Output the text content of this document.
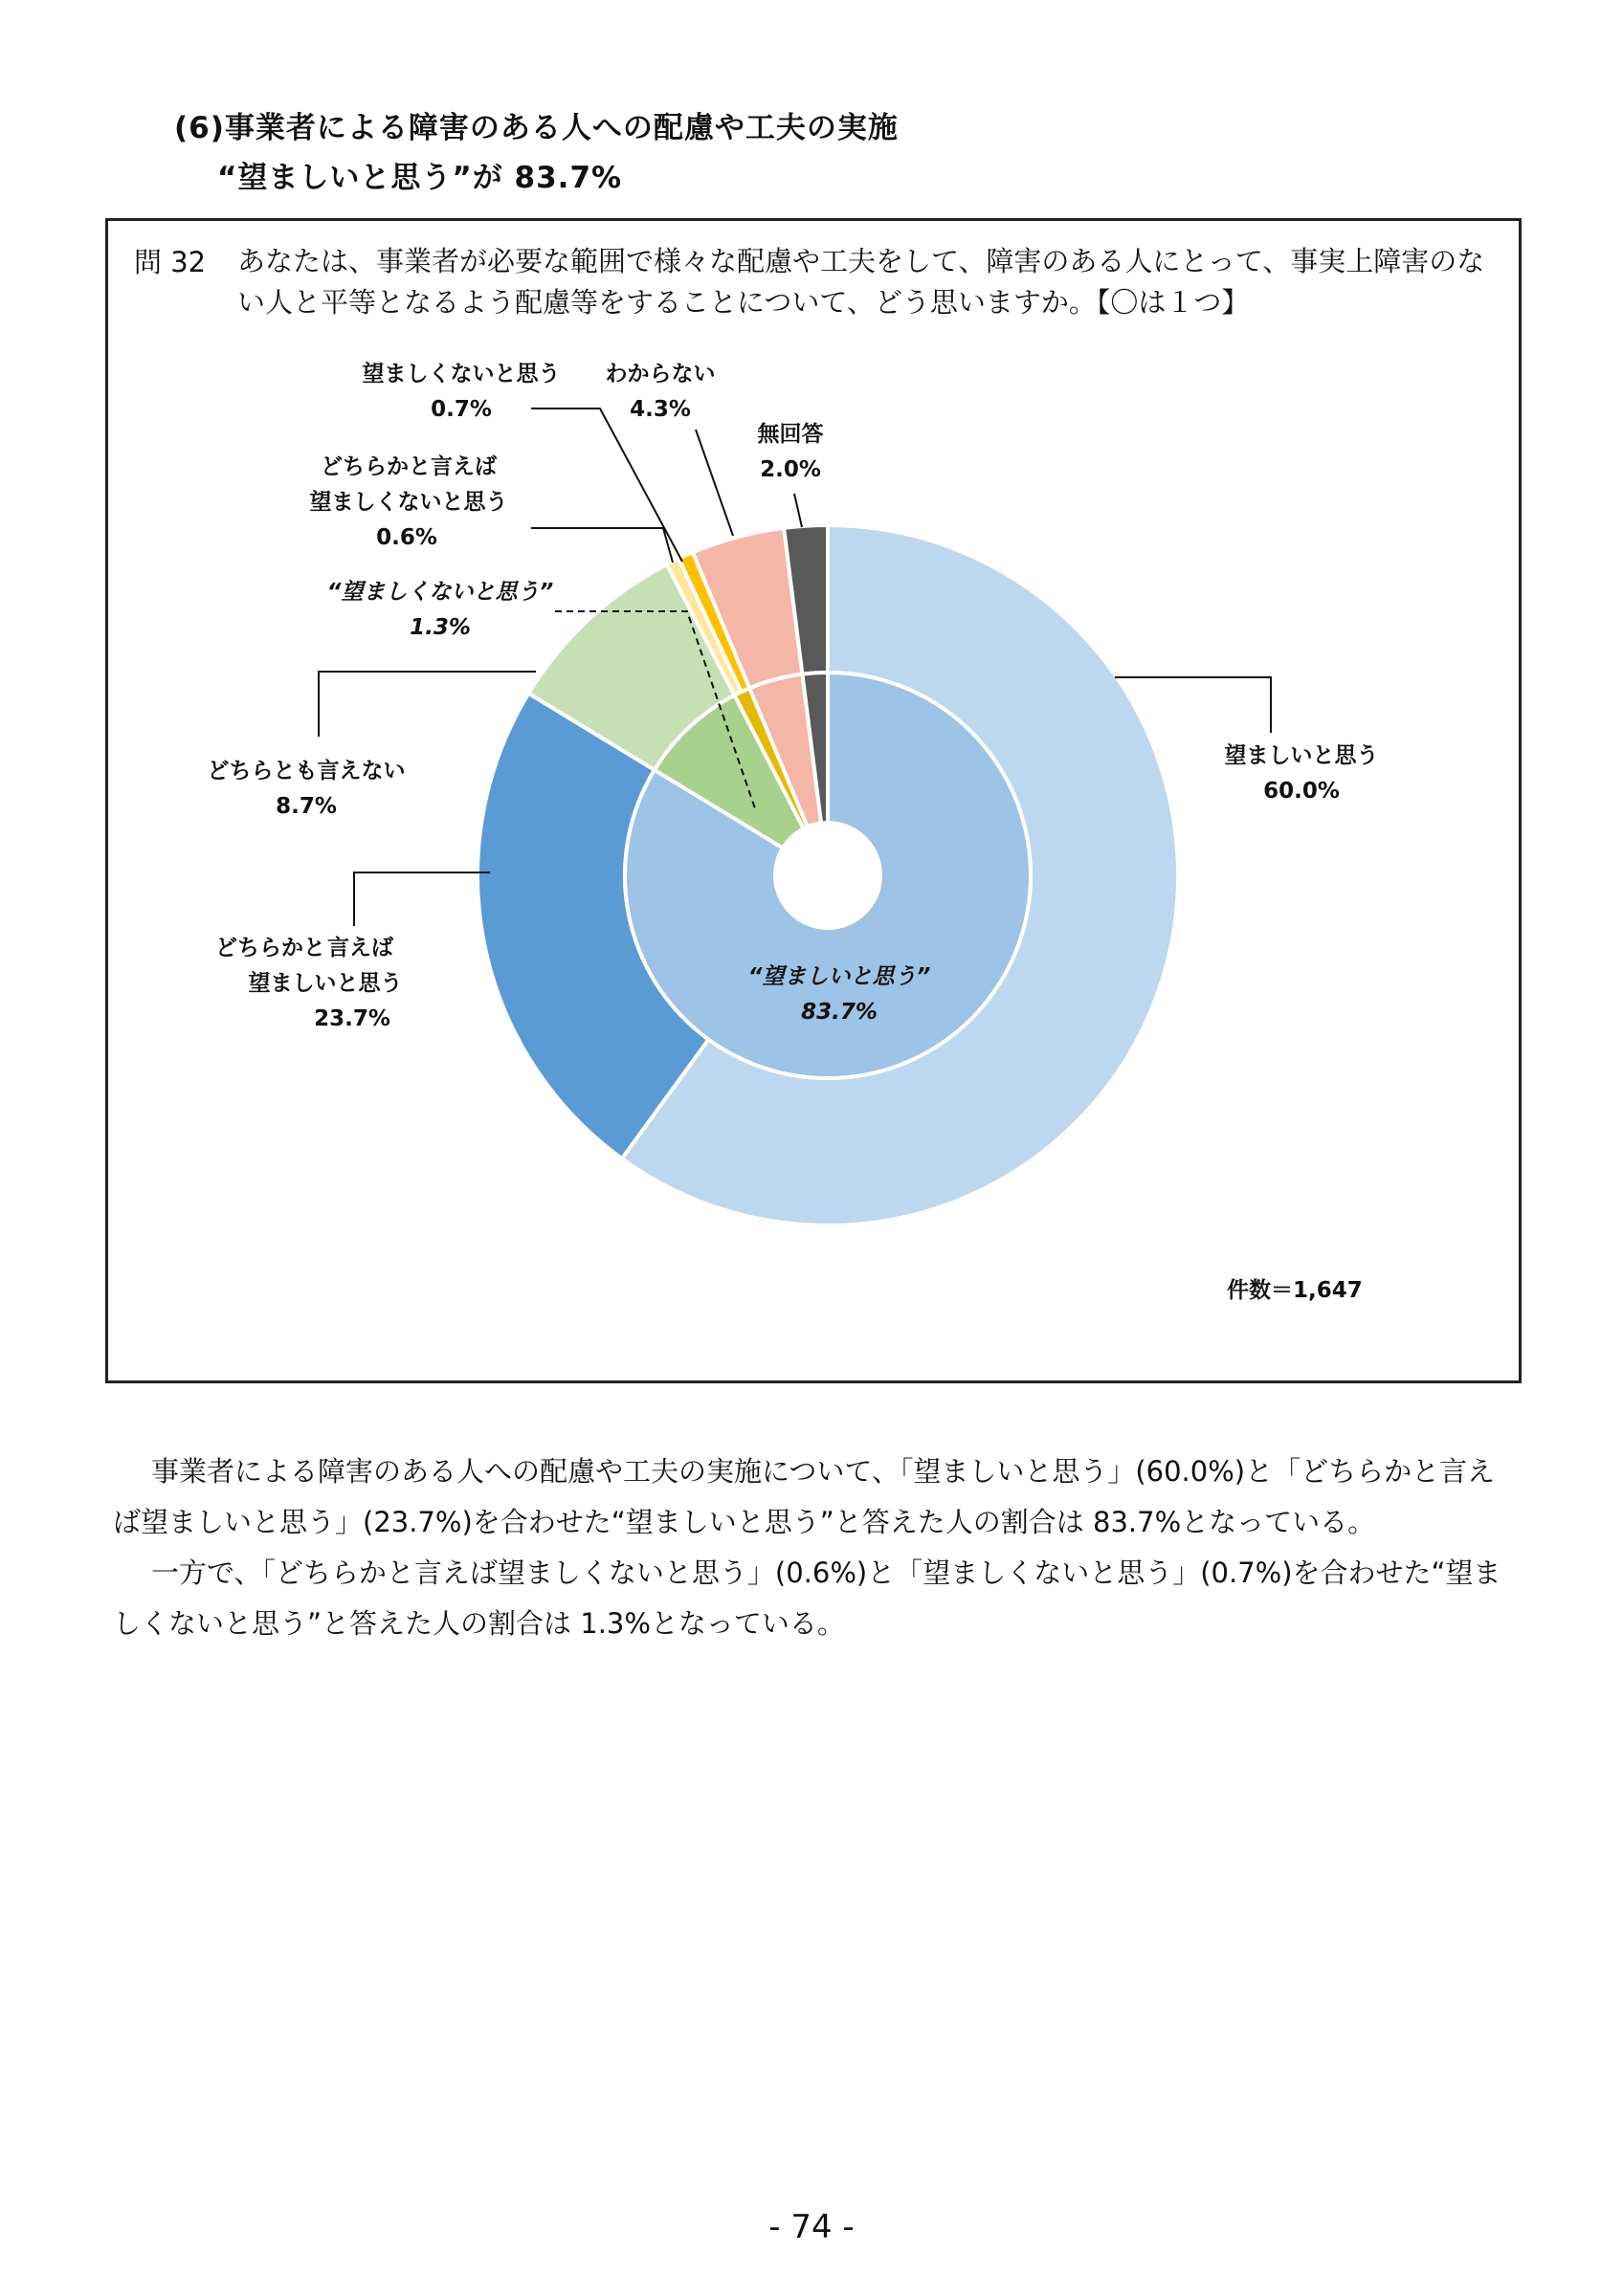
(6)事業者による障害のある人への配慮や工夫の実施
“望ましいと思う”が 83.7%
問 32 あなたは、事業者が必要な範囲で様々な配慮や工夫をして、障害のある人にとって、事実上障害のない人と平等となるよう配慮等をすることについて、どう思いますか。【〇は１つ】
望ましいと思う
60.0%
どちらとも言えない
8.7%
どちらかと 言えば
望ましいと思う
23.7%
“望ましくないと思う”
1.3%
どちらかと言えば
望ましくないと思う
0.6%
望ましくないと思う
0.7%
わからない
4.3%
無回答
2.0%
“望ましいと思う”
83.7%
件数＝1,647

事業者による障害のある人への配慮や工夫の実施について、「望ましいと思う」(60.0%)と「どちらかと言えば望ましいと思う」(23.7%)を合わせた“望ましいと思う”と答えた人の割合は 83.7%となっている。

一方で、「どちらかと言えば望ましくないと思う」(0.6%)と「望ましくないと思う」(0.7%)を合わせた“望ましくないと思う”と答えた人の割合は 1.3%となっている。

- 74 -
